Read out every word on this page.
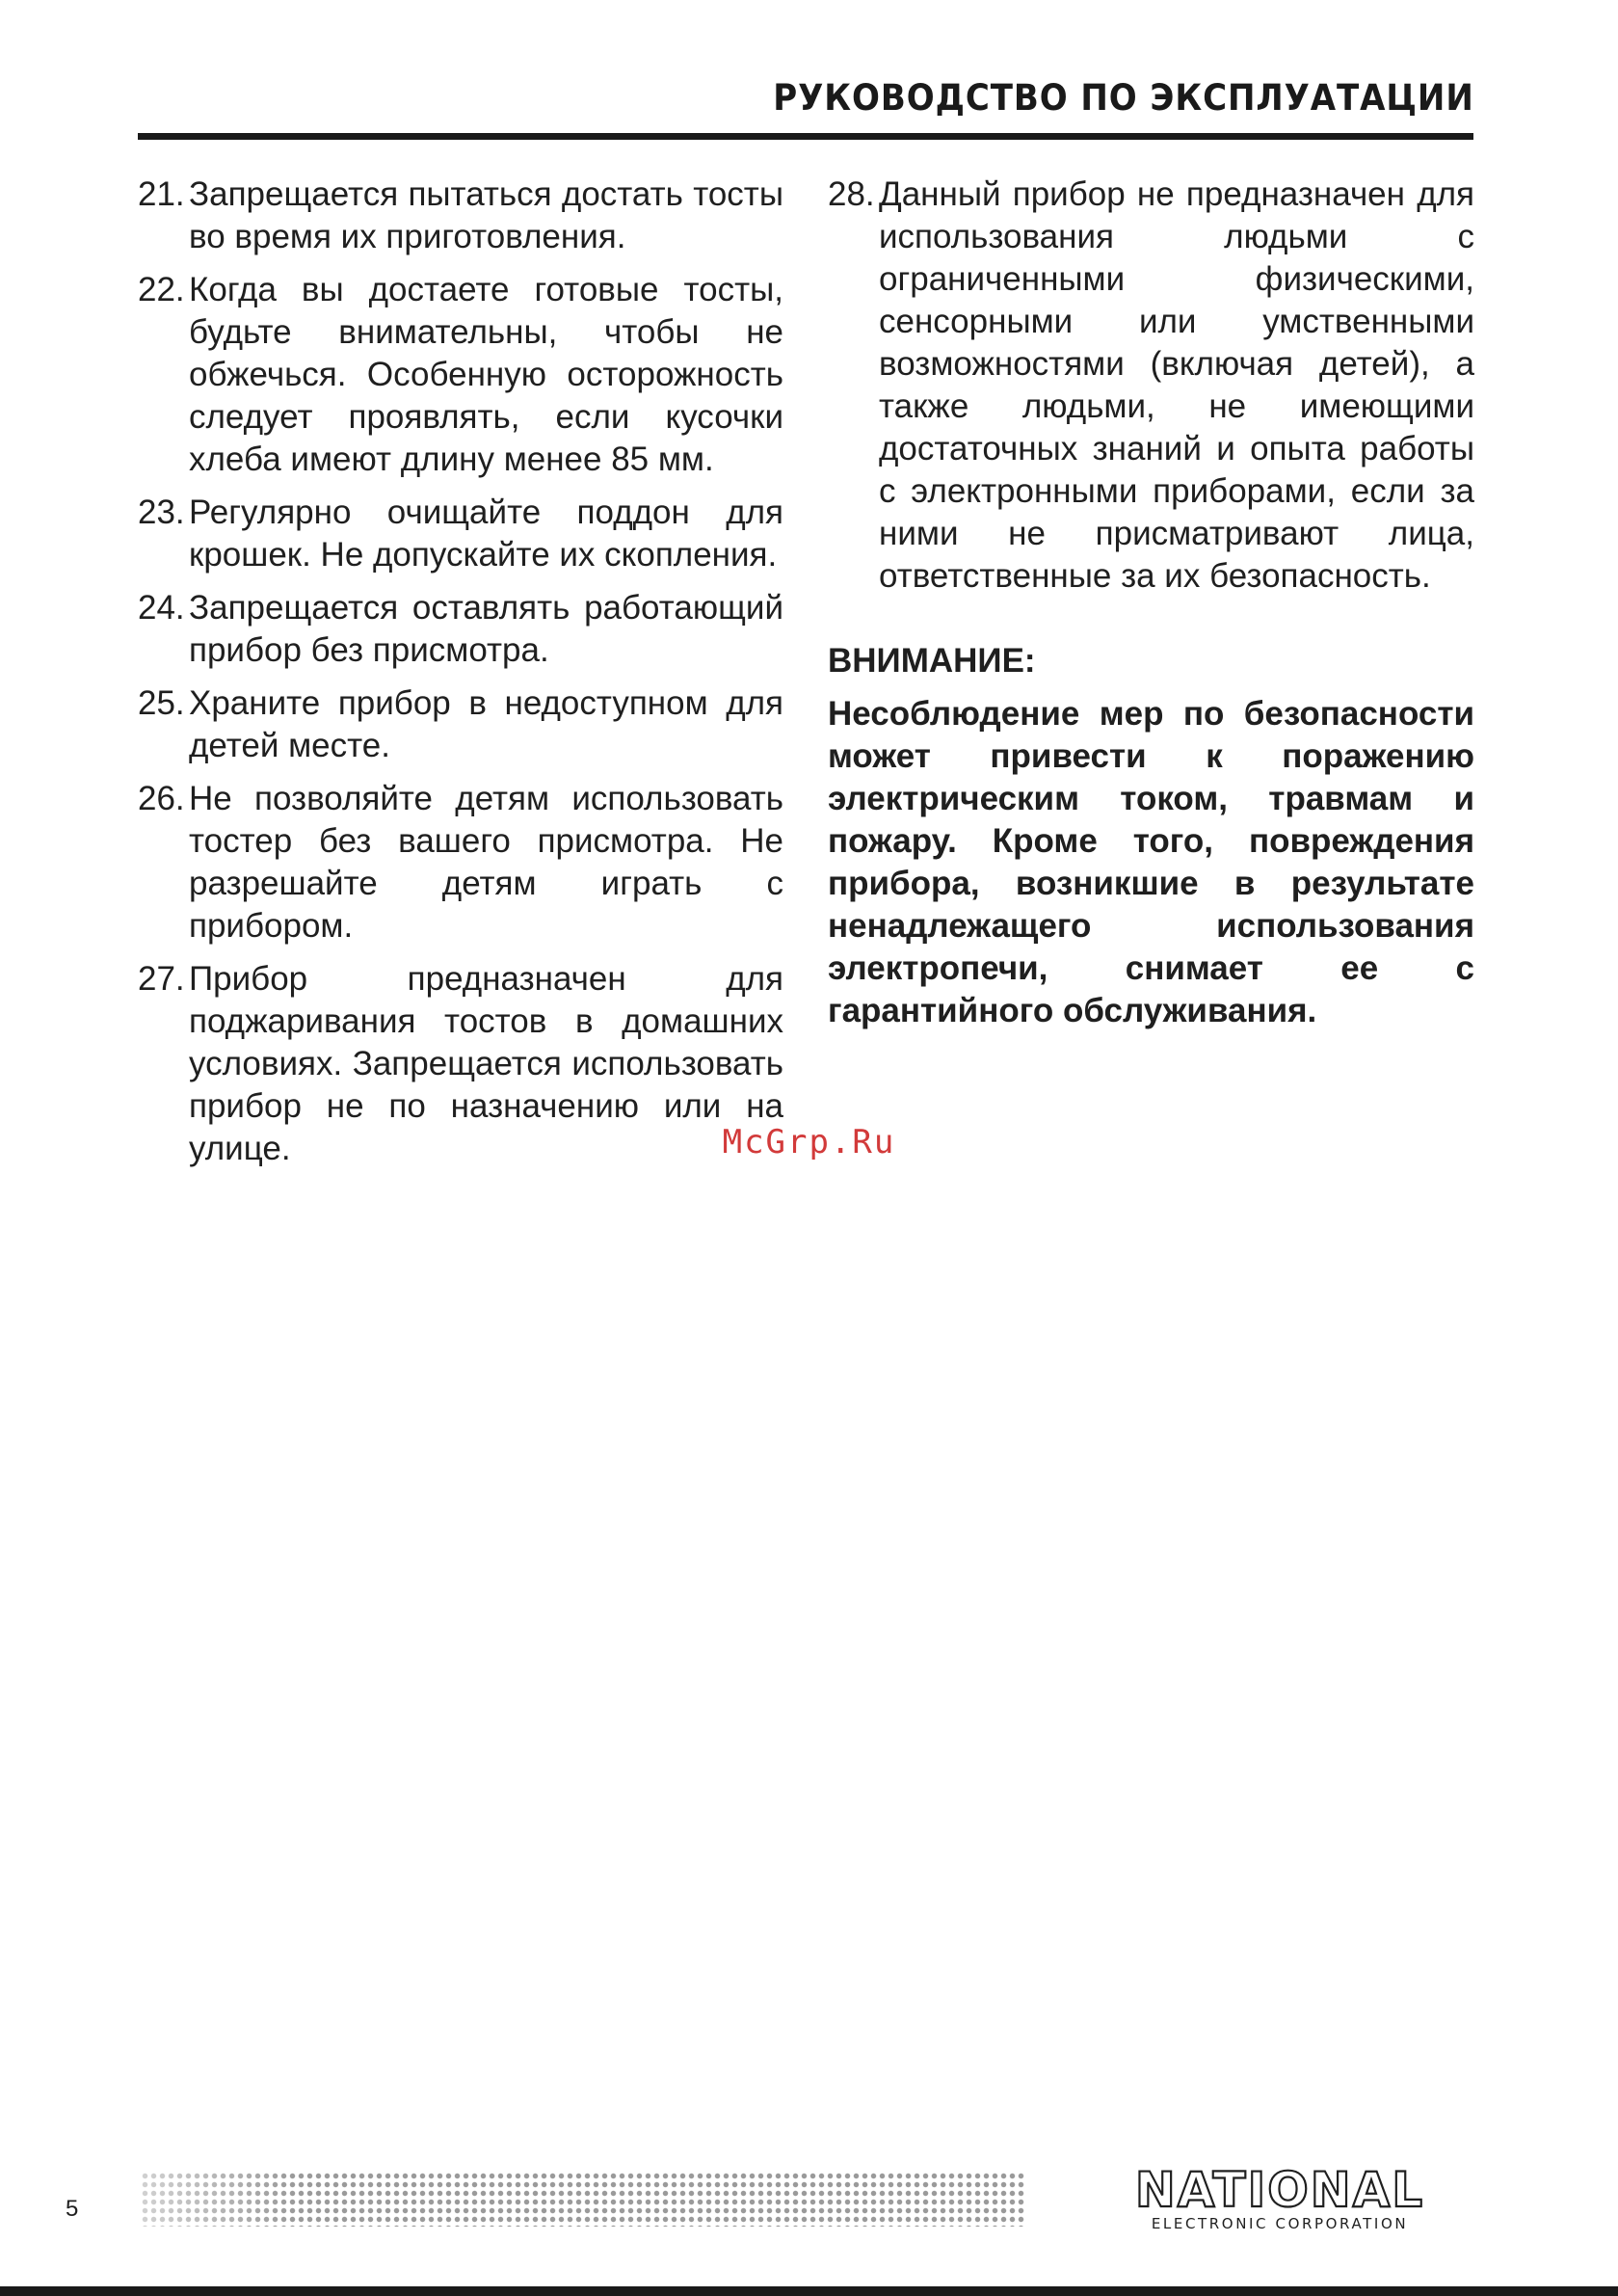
РУКОВОДСТВО ПО ЭКСПЛУАТАЦИИ
21. Запрещается пытаться достать тосты во время их приготовления.
22. Когда вы достаете готовые тосты, будьте внимательны, чтобы не обжечься. Особенную осторожность следует проявлять, если кусочки хлеба имеют длину менее 85 мм.
23. Регулярно очищайте поддон для крошек. Не допускайте их скопления.
24. Запрещается оставлять работающий прибор без присмотра.
25. Храните прибор в недоступном для детей месте.
26. Не позволяйте детям использовать тостер без вашего присмотра. Не разрешайте детям играть с прибором.
27. Прибор предназначен для поджаривания тостов в домашних условиях. Запрещается использовать прибор не по назначению или на улице.
28. Данный прибор не предназначен для использования людьми с ограниченными физическими, сенсорными или умственными возможностями (включая детей), а также людьми, не имеющими достаточных знаний и опыта работы с электронными приборами, если за ними не присматривают лица, ответственные за их безопасность.
ВНИМАНИЕ:
Несоблюдение мер по безопасности может привести к поражению электрическим током, травмам и пожару. Кроме того, повреждения прибора, возникшие в результате ненадлежащего использования электропечи, снимает ее с гарантийного обслуживания.
McGrp.Ru
5	NATIONAL
ELECTRONIC CORPORATION
